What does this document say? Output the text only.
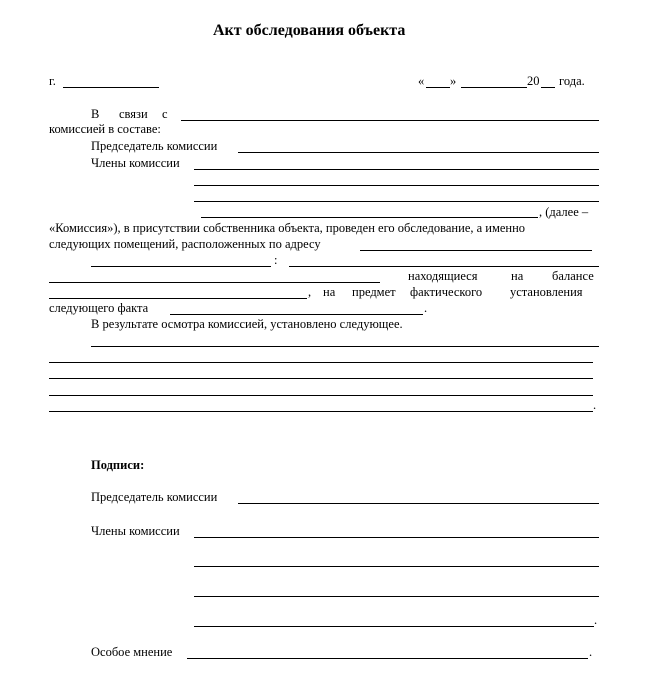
Акт обследования объекта
г.	« »	20 года.
В связи с
комиссией в составе:
Председатель комиссии
Члены комиссии
, (далее –
«Комиссия»), в присутствии собственника объекта, проведен его обследование, а именно
следующих помещений, расположенных по адресу
:
находящиеся	на балансе
, на предмет фактического установления
следующего факта	.
В результате осмотра комиссией, установлено следующее.
.
Подписи:
Председатель комиссии
Члены комиссии
.
Особое мнение	.
